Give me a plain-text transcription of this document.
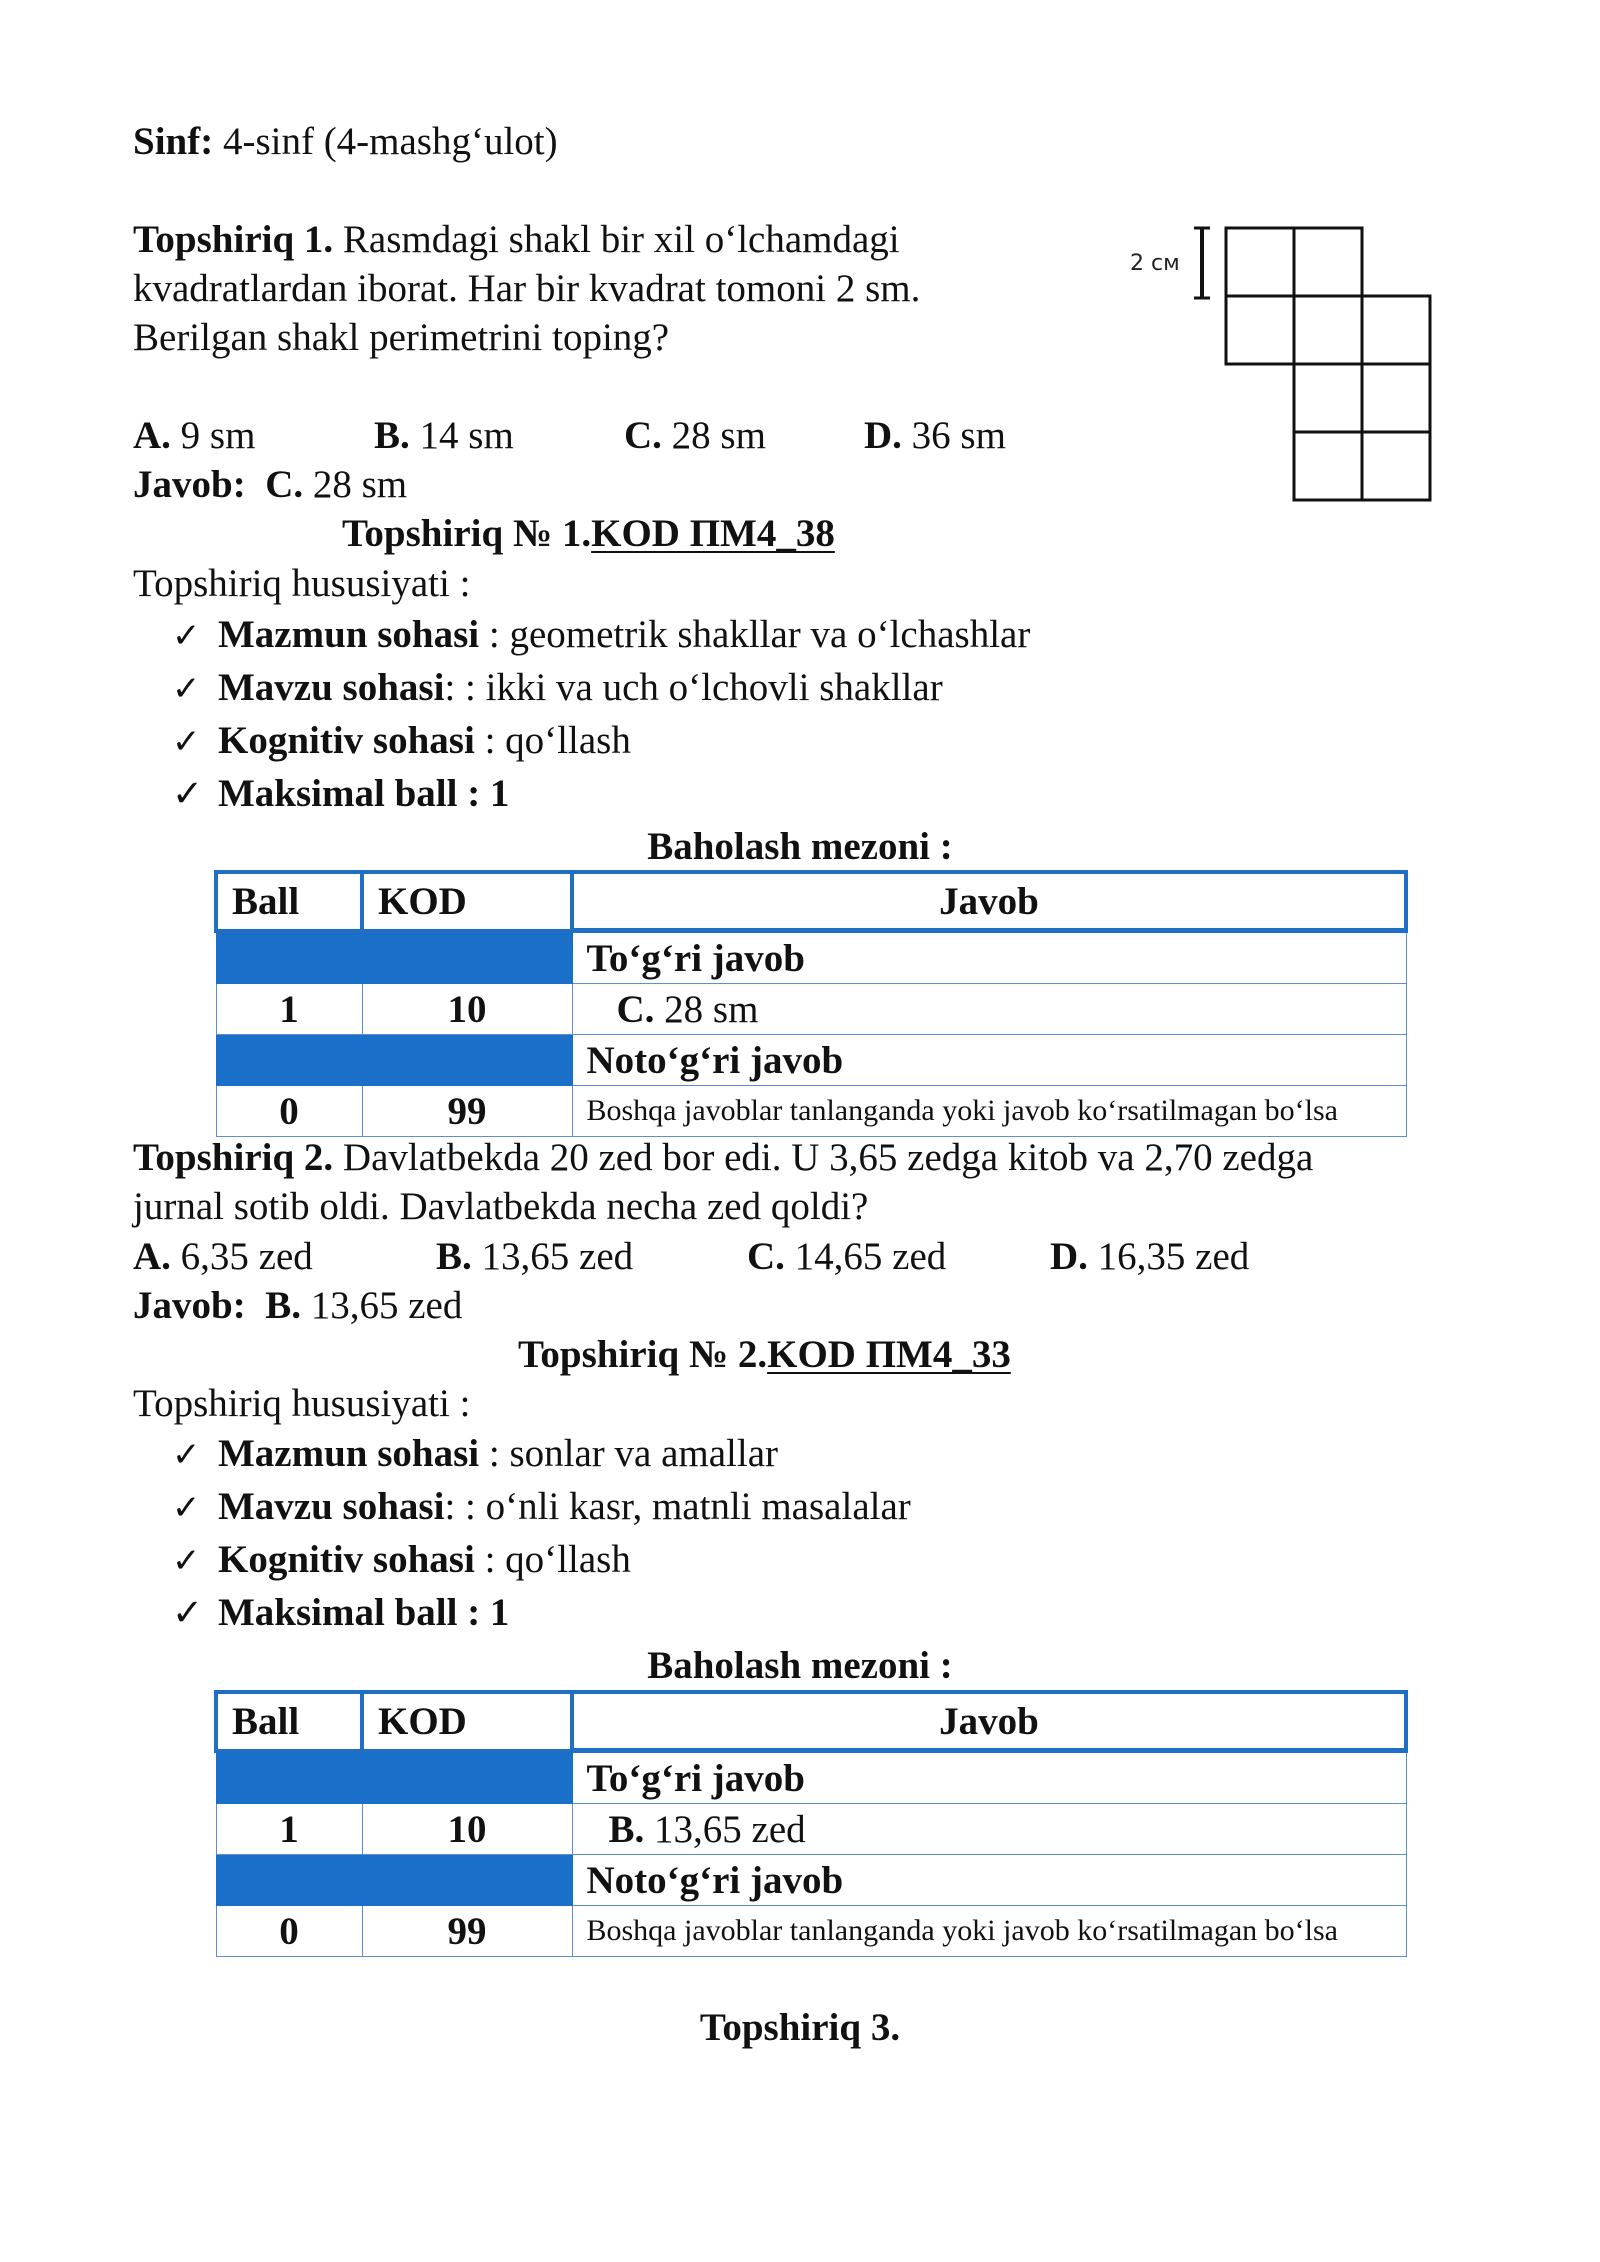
Sinf: 4-sinf (4-mashg‘ulot)
Topshiriq 1. Rasmdagi shakl bir xil o‘lchamdagi
kvadratlardan iborat. Har bir kvadrat tomoni 2 sm.
Berilgan shakl perimetrini toping?
2 см
A. 9 sm	B. 14 sm	C. 28 sm	D. 36 sm
Javob: C. 28 sm
Topshiriq № 1.KOD ПМ4_38
Topshiriq hususiyati :
✓ Mazmun sohasi : geometrik shakllar va o‘lchashlar
✓ Mavzu sohasi: : ikki va uch o‘lchovli shakllar
✓ Kognitiv sohasi : qo‘llash
✓ Maksimal ball : 1
Baholash mezoni :
Ball	KOD	Javob
		To‘g‘ri javob
1	10	C. 28 sm
		Noto‘g‘ri javob
0	99	Boshqa javoblar tanlanganda yoki javob ko‘rsatilmagan bo‘lsa
Topshiriq 2. Davlatbekda 20 zed bor edi. U 3,65 zedga kitob va 2,70 zedga
jurnal sotib oldi. Davlatbekda necha zed qoldi?
A. 6,35 zed	B. 13,65 zed	C. 14,65 zed	D. 16,35 zed
Javob: B. 13,65 zed
Topshiriq № 2.KOD ПМ4_33
Topshiriq hususiyati :
✓ Mazmun sohasi : sonlar va amallar
✓ Mavzu sohasi: : o‘nli kasr, matnli masalalar
✓ Kognitiv sohasi : qo‘llash
✓ Maksimal ball : 1
Baholash mezoni :
Ball	KOD	Javob
		To‘g‘ri javob
1	10	B. 13,65 zed
		Noto‘g‘ri javob
0	99	Boshqa javoblar tanlanganda yoki javob ko‘rsatilmagan bo‘lsa
Topshiriq 3.
